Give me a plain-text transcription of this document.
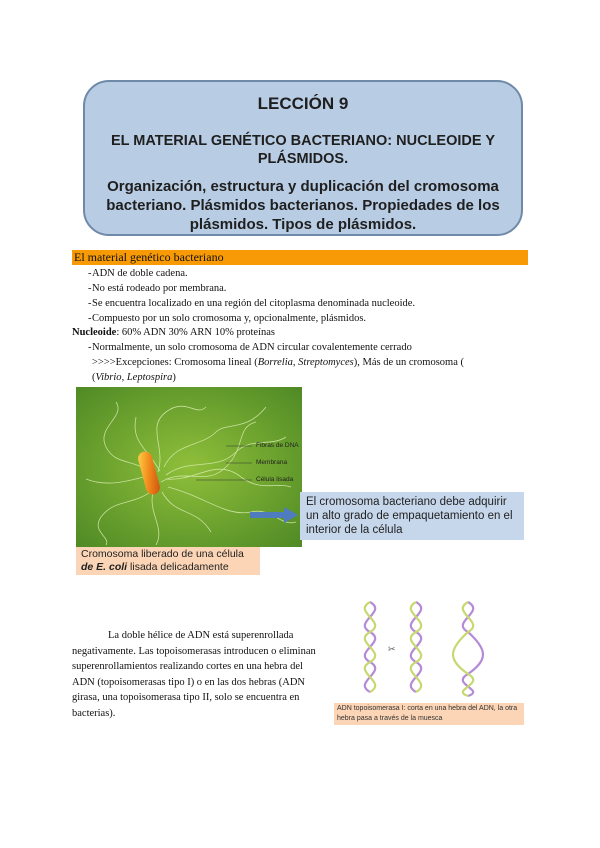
LECCIÓN 9
EL MATERIAL GENÉTICO BACTERIANO: NUCLEOIDE Y PLÁSMIDOS.
Organización, estructura y duplicación del cromosoma bacteriano. Plásmidos bacterianos. Propiedades de los plásmidos. Tipos de plásmidos.
El material genético bacteriano
- ADN de doble cadena.
- No está rodeado por membrana.
- Se encuentra localizado en una región del citoplasma denominada nucleoide.
- Compuesto por un solo cromosoma y, opcionalmente, plásmidos.
Nucleoide: 60% ADN 30% ARN 10% proteínas
- Normalmente, un solo cromosoma de ADN circular covalentemente cerrado
>>>>Excepciones: Cromosoma lineal (Borrelia, Streptomyces), Más de un cromosoma (
(Vibrio, Leptospira)
Fibras de DNA
Membrana
Célula lisada
El cromosoma bacteriano debe adquirir un alto grado de empaquetamiento en el interior de la célula
Cromosoma liberado de una célula
de E. coli lisada delicadamente
La doble hélice de ADN está superenrollada negativamente. Las topoisomerasas introducen o eliminan superenrollamientos realizando cortes en una hebra del ADN (topoisomerasas tipo I) o en las dos hebras (ADN girasa, una topoisomerasa tipo II, solo se encuentra en bacterias).
✂
ADN topoisomerasa I: corta en una hebra del ADN, la otra hebra pasa a través de la muesca
